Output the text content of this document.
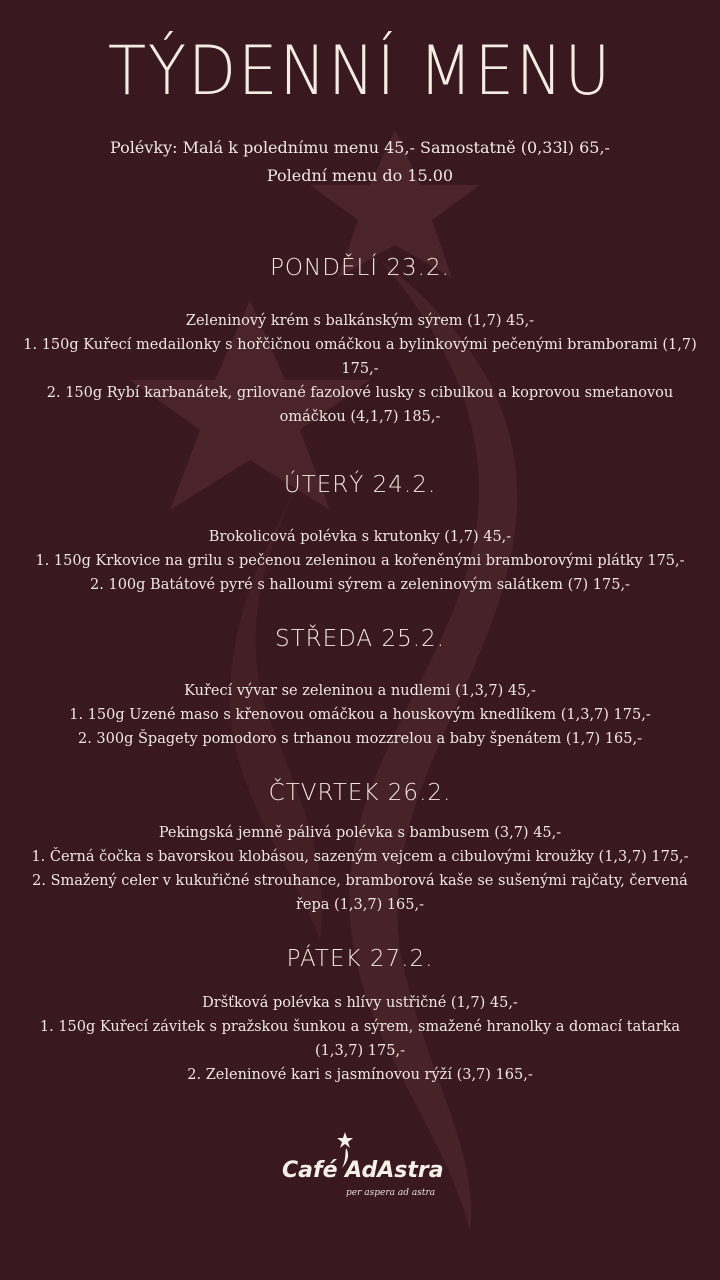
TÝDENNÍ MENU
Polévky: Malá k polednímu menu 45,- Samostatně (0,33l) 65,-
Polední menu do 15.00
PONDĚLÍ 23.2.
Zeleninový krém s balkánským sýrem (1,7) 45,-
1. 150g Kuřecí medailonky s hořčičnou omáčkou a bylinkovými pečenými bramborami (1,7)
175,-
2. 150g Rybí karbanátek, grilované fazolové lusky s cibulkou a koprovou smetanovou
omáčkou (4,1,7) 185,-
ÚTERÝ 24.2.
Brokolicová polévka s krutonky (1,7) 45,-
1. 150g Krkovice na grilu s pečenou zeleninou a kořeněnými bramborovými plátky 175,-
2. 100g Batátové pyré s halloumi sýrem a zeleninovým salátkem (7) 175,-
STŘEDA 25.2.
Kuřecí vývar se zeleninou a nudlemi (1,3,7) 45,-
1. 150g Uzené maso s křenovou omáčkou a houskovým knedlíkem (1,3,7) 175,-
2. 300g Špagety pomodoro s trhanou mozzrelou a baby špenátem (1,7) 165,-
ČTVRTEK 26.2.
Pekingská jemně pálivá polévka s bambusem (3,7) 45,-
1. Černá čočka s bavorskou klobásou, sazeným vejcem a cibulovými kroužky (1,3,7) 175,-
2. Smažený celer v kukuřičné strouhance, bramborová kaše se sušenými rajčaty, červená
řepa (1,3,7) 165,-
PÁTEK 27.2.
Dršťková polévka s hlívy ustřičné (1,7) 45,-
1. 150g Kuřecí závitek s pražskou šunkou a sýrem, smažené hranolky a domací tatarka
(1,3,7) 175,-
2. Zeleninové kari s jasmínovou rýží (3,7) 165,-
Café AdAstra
per aspera ad astra
